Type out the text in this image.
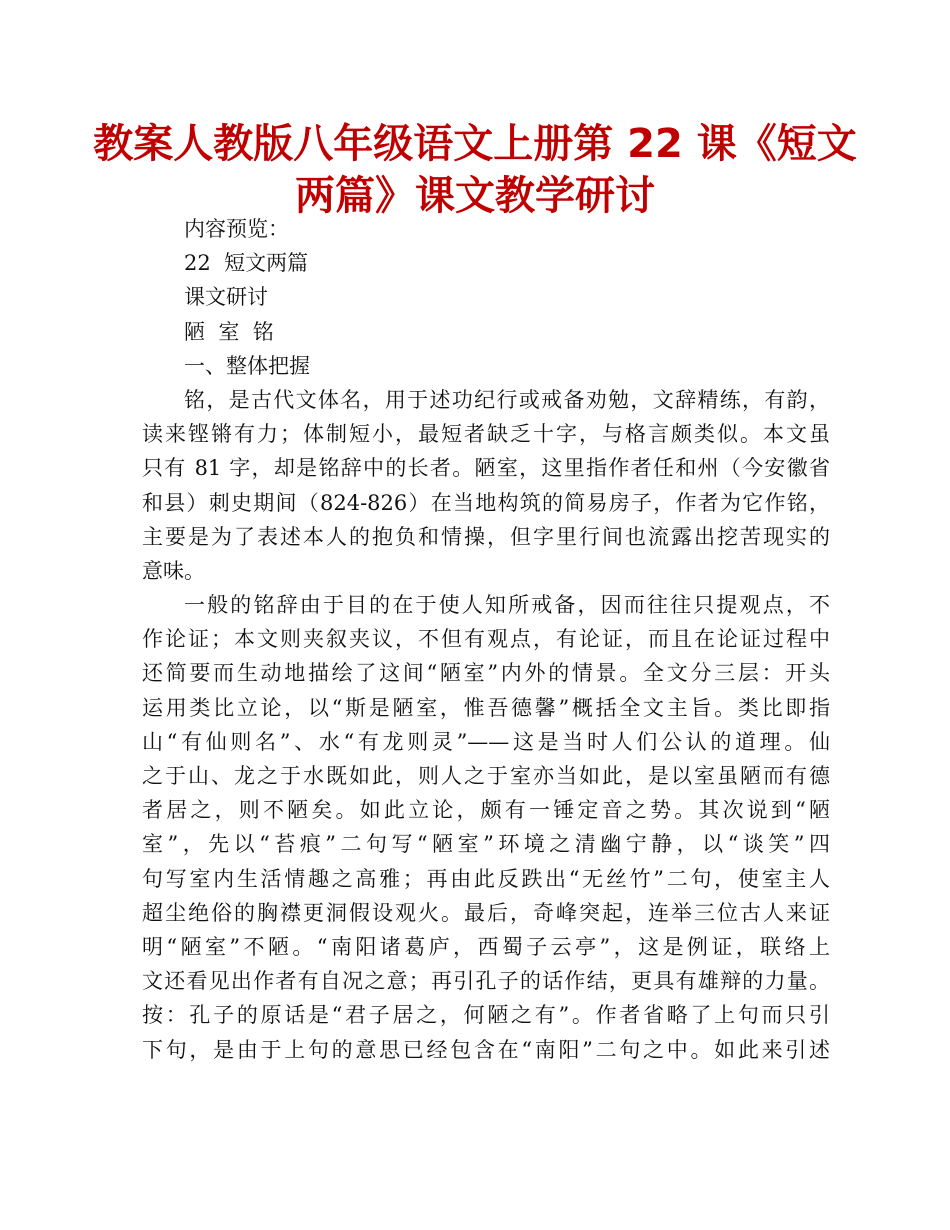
教案人教版八年级语文上册第 22 课《短文
两篇》课文教学研讨
内容预览：
22  短文两篇
课文研讨
陋  室  铭
一、整体把握
铭，是古代文体名，用于述功纪行或戒备劝勉，文辞精练，有韵，
读来铿锵有力；体制短小，最短者缺乏十字，与格言颇类似。本文虽
只有 81 字，却是铭辞中的长者。陋室，这里指作者任和州（今安徽省
和县）刺史期间（824-826）在当地构筑的简易房子，作者为它作铭，
主要是为了表述本人的抱负和情操，但字里行间也流露出挖苦现实的
意味。
一般的铭辞由于目的在于使人知所戒备，因而往往只提观点，不
作论证；本文则夹叙夹议，不但有观点，有论证，而且在论证过程中
还简要而生动地描绘了这间“陋室”内外的情景。全文分三层：开头
运用类比立论，以“斯是陋室，惟吾德馨”概括全文主旨。类比即指
山“有仙则名”、水“有龙则灵”——这是当时人们公认的道理。仙
之于山、龙之于水既如此，则人之于室亦当如此，是以室虽陋而有德
者居之，则不陋矣。如此立论，颇有一锤定音之势。其次说到“陋
室”，先以“苔痕”二句写“陋室”环境之清幽宁静，以“谈笑”四
句写室内生活情趣之高雅；再由此反跌出“无丝竹”二句，使室主人
超尘绝俗的胸襟更洞假设观火。最后，奇峰突起，连举三位古人来证
明“陋室”不陋。“南阳诸葛庐，西蜀子云亭”，这是例证，联络上
文还看见出作者有自况之意；再引孔子的话作结，更具有雄辩的力量。
按：孔子的原话是“君子居之，何陋之有”。作者省略了上句而只引
下句，是由于上句的意思已经包含在“南阳”二句之中。如此来引述
